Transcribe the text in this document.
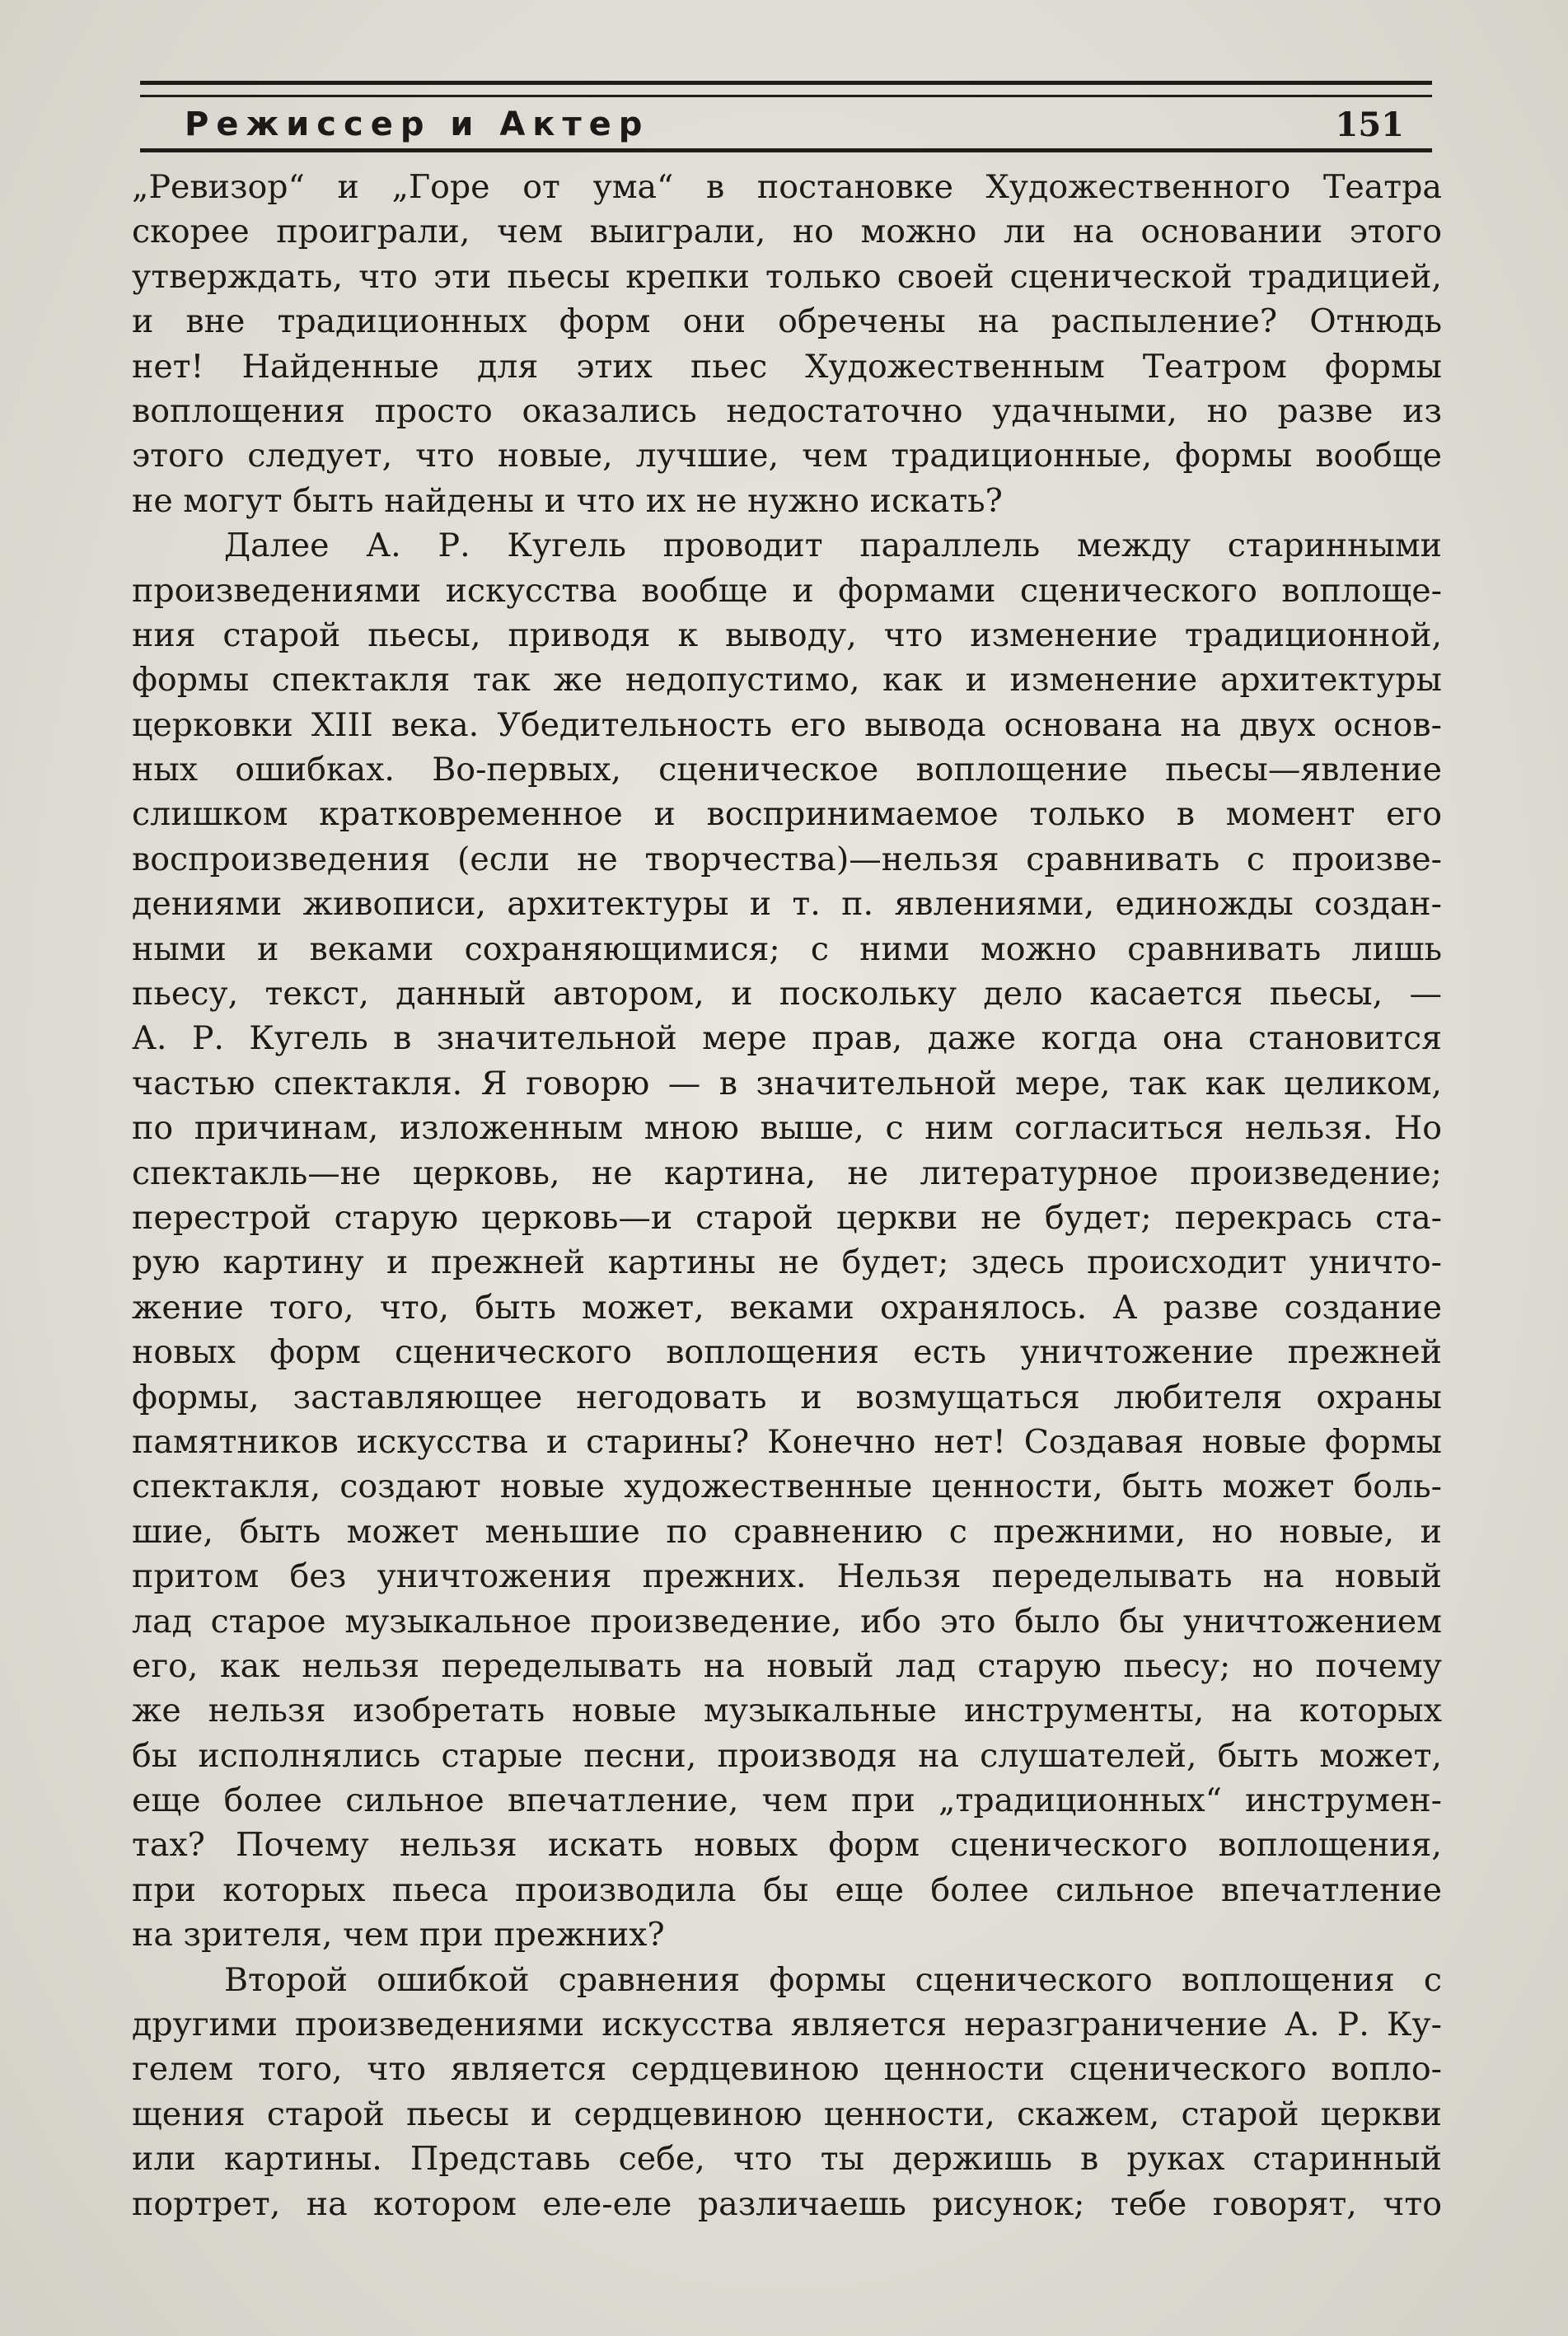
Режиссер и Актер	151
„Ревизор“ и „Горе от ума“ в постановке Художественного Театра
скорее проиграли, чем выиграли, но можно ли на основании этого
утверждать, что эти пьесы крепки только своей сценической традицией,
и вне традиционных форм они обречены на распыление? Отнюдь
нет! Найденные для этих пьес Художественным Театром формы
воплощения просто оказались недостаточно удачными, но разве из
этого следует, что новые, лучшие, чем традиционные, формы вообще
не могут быть найдены и что их не нужно искать?
Далее А. Р. Кугель проводит параллель между старинными
произведениями искусства вообще и формами сценического воплоще-
ния старой пьесы, приводя к выводу, что изменение традиционной,
формы спектакля так же недопустимо, как и изменение архитектуры
церковки XIII века. Убедительность его вывода основана на двух основ-
ных ошибках. Во-первых, сценическое воплощение пьесы—явление
слишком кратковременное и воспринимаемое только в момент его
воспроизведения (если не творчества)—нельзя сравнивать с произве-
дениями живописи, архитектуры и т. п. явлениями, единожды создан-
ными и веками сохраняющимися; с ними можно сравнивать лишь
пьесу, текст, данный автором, и поскольку дело касается пьесы, —
А. Р. Кугель в значительной мере прав, даже когда она становится
частью спектакля. Я говорю — в значительной мере, так как целиком,
по причинам, изложенным мною выше, с ним согласиться нельзя. Но
спектакль—не церковь, не картина, не литературное произведение;
перестрой старую церковь—и старой церкви не будет; перекрась ста-
рую картину и прежней картины не будет; здесь происходит уничто-
жение того, что, быть может, веками охранялось. А разве создание
новых форм сценического воплощения есть уничтожение прежней
формы, заставляющее негодовать и возмущаться любителя охраны
памятников искусства и старины? Конечно нет! Создавая новые формы
спектакля, создают новые художественные ценности, быть может боль-
шие, быть может меньшие по сравнению с прежними, но новые, и
притом без уничтожения прежних. Нельзя переделывать на новый
лад старое музыкальное произведение, ибо это было бы уничтожением
его, как нельзя переделывать на новый лад старую пьесу; но почему
же нельзя изобретать новые музыкальные инструменты, на которых
бы исполнялись старые песни, производя на слушателей, быть может,
еще более сильное впечатление, чем при „традиционных“ инструмен-
тах? Почему нельзя искать новых форм сценического воплощения,
при которых пьеса производила бы еще более сильное впечатление
на зрителя, чем при прежних?
Второй ошибкой сравнения формы сценического воплощения с
другими произведениями искусства является неразграничение А. Р. Ку-
гелем того, что является сердцевиною ценности сценического вопло-
щения старой пьесы и сердцевиною ценности, скажем, старой церкви
или картины. Представь себе, что ты держишь в руках старинный
портрет, на котором еле-еле различаешь рисунок; тебе говорят, что
